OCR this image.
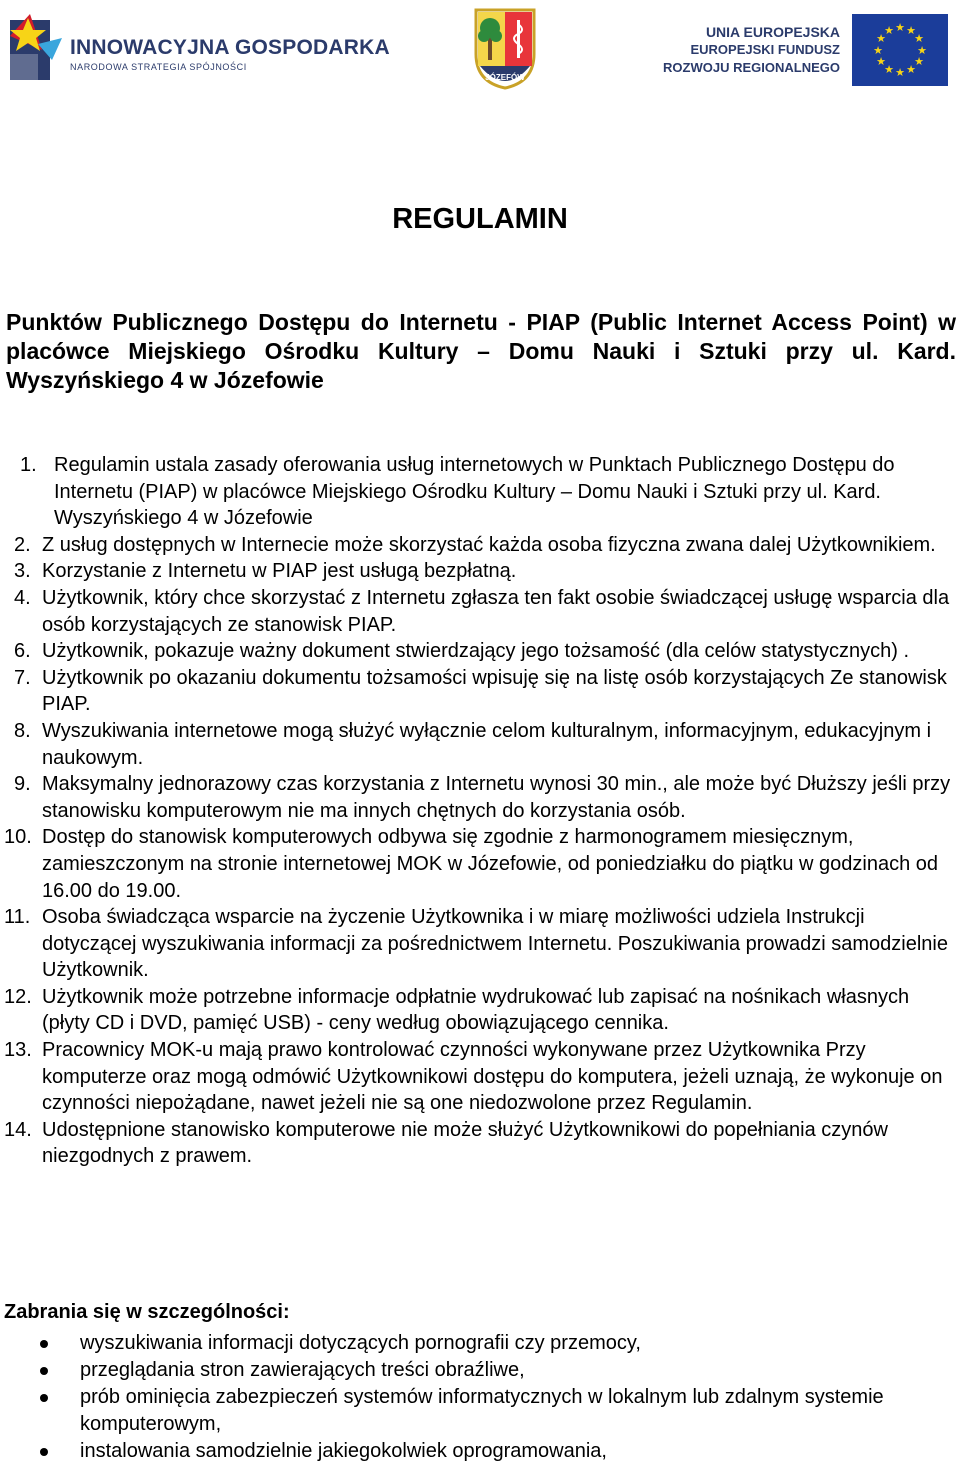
INNOWACYJNA GOSPODARKA
NARODOWA STRATEGIA SPÓJNOŚCI
JÓZEFÓW
UNIA EUROPEJSKA
EUROPEJSKI FUNDUSZ
ROZWOJU REGIONALNEGO
★ ★
★
★
★
★
★
★
★
★
★
★
REGULAMIN

Punktów Publicznego Dostępu do Internetu - PIAP (Public Internet Access Point) w placówce Miejskiego Ośrodku Kultury – Domu Nauki i Sztuki przy ul. Kard. Wyszyńskiego 4 w Józefowie

1. Regulamin ustala zasady oferowania usług internetowych w Punktach Publicznego Dostępu do Internetu (PIAP) w placówce Miejskiego Ośrodku Kultury – Domu Nauki i Sztuki przy ul. Kard. Wyszyńskiego 4 w Józefowie
2. Z usług dostępnych w Internecie może skorzystać każda osoba fizyczna zwana dalej Użytkownikiem.
3. Korzystanie z Internetu w PIAP jest usługą bezpłatną.
4. Użytkownik, który chce skorzystać z Internetu zgłasza ten fakt osobie świadczącej usługę wsparcia dla osób korzystających ze stanowisk PIAP.
6. Użytkownik, pokazuje ważny dokument stwierdzający jego tożsamość (dla celów statystycznych) .
7. Użytkownik po okazaniu dokumentu tożsamości wpisuję się na listę osób korzystających Ze stanowisk PIAP.
8. Wyszukiwania internetowe mogą służyć wyłącznie celom kulturalnym, informacyjnym, edukacyjnym i naukowym.
9. Maksymalny jednorazowy czas korzystania z Internetu wynosi 30 min., ale może być Dłuższy jeśli przy stanowisku komputerowym nie ma innych chętnych do korzystania osób.
10. Dostęp do stanowisk komputerowych odbywa się zgodnie z harmonogramem miesięcznym, zamieszczonym na stronie internetowej MOK w Józefowie, od poniedziałku do piątku w godzinach od 16.00 do 19.00.
11. Osoba świadcząca wsparcie na życzenie Użytkownika i w miarę możliwości udziela Instrukcji dotyczącej wyszukiwania informacji za pośrednictwem Internetu. Poszukiwania prowadzi samodzielnie Użytkownik.
12. Użytkownik może potrzebne informacje odpłatnie wydrukować lub zapisać na nośnikach własnych (płyty CD i DVD, pamięć USB) - ceny według obowiązującego cennika.
13. Pracownicy MOK-u mają prawo kontrolować czynności wykonywane przez Użytkownika Przy komputerze oraz mogą odmówić Użytkownikowi dostępu do komputera, jeżeli uznają, że wykonuje on czynności niepożądane, nawet jeżeli nie są one niedozwolone przez Regulamin.
14. Udostępnione stanowisko komputerowe nie może służyć Użytkownikowi do popełniania czynów niezgodnych z prawem.

Zabrania się w szczególności:

wyszukiwania informacji dotyczących pornografii czy przemocy,
przeglądania stron zawierających treści obraźliwe,
prób ominięcia zabezpieczeń systemów informatycznych w lokalnym lub zdalnym systemie komputerowym,
instalowania samodzielnie jakiegokolwiek oprogramowania,
